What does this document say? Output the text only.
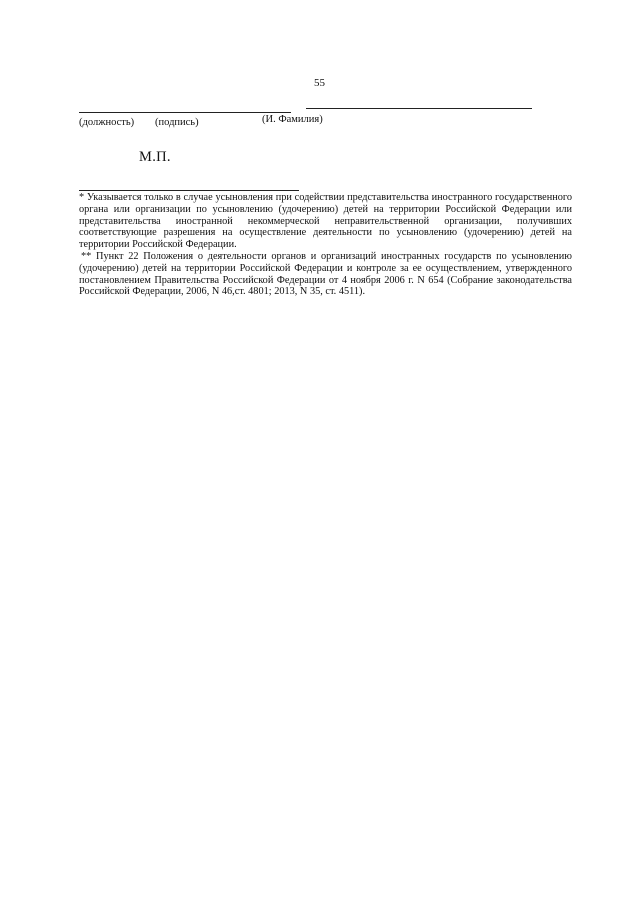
55
(должность) (подпись)	(И. Фамилия)
М.П.

* Указывается только в случае усыновления при содействии представительства иностранного государственного органа или организации по усыновлению (удочерению) детей на территории Российской Федерации или представительства иностранной некоммерческой неправительственной организации, получивших соответствующие разрешения на осуществление деятельности по усыновлению (удочерению) детей на территории Российской Федерации.

** Пункт 22 Положения о деятельности органов и организаций иностранных государств по усыновлению (удочерению) детей на территории Российской Федерации и контроле за ее осуществлением, утвержденного постановлением Правительства Российской Федерации от 4 ноября 2006 г. N 654 (Собрание законодательства Российской Федерации, 2006, N 46,ст. 4801; 2013, N 35, ст. 4511).
